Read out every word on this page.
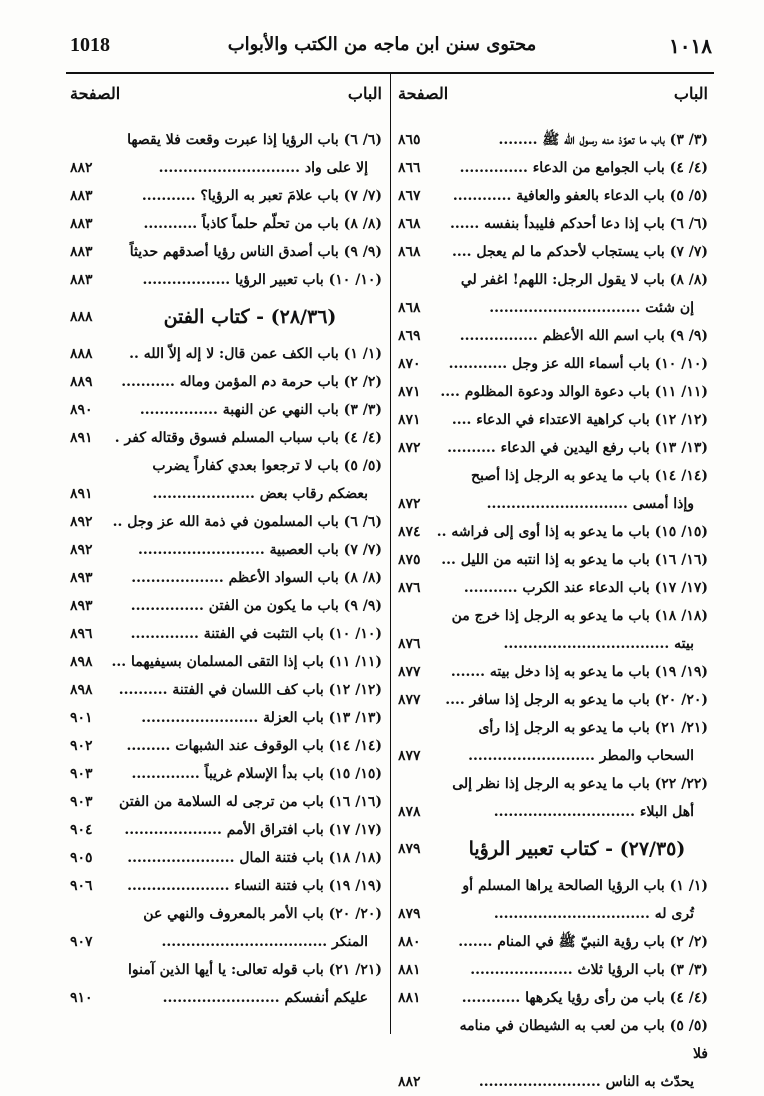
1018	محتوى سنن ابن ماجه من الكتب والأبواب	١٠١٨
الباب
الصفحة
(٣/ ٣) باب ما تعوّذ منه رسول الله ﷺ ........
٨٦٥
(٤/ ٤) باب الجوامع من الدعاء ..............
٨٦٦
(٥/ ٥) باب الدعاء بالعفو والعافية ............
٨٦٧
(٦/ ٦) باب إذا دعا أحدكم فليبدأ بنفسه ......
٨٦٨
(٧/ ٧) باب يستجاب لأحدكم ما لم يعجل ....
٨٦٨
(٨/ ٨) باب لا يقول الرجل: اللهم! اغفر لي
إن شئت ...............................
٨٦٨
(٩/ ٩) باب اسم الله الأعظم ................
٨٦٩
(١٠/ ١٠) باب أسماء الله عز وجل ............
٨٧٠
(١١/ ١١) باب دعوة الوالد ودعوة المظلوم ....
٨٧١
(١٢/ ١٢) باب كراهية الاعتداء في الدعاء ....
٨٧١
(١٣/ ١٣) باب رفع اليدين في الدعاء ..........
٨٧٢
(١٤/ ١٤) باب ما يدعو به الرجل إذا أصبح
وإذا أمسى .............................
٨٧٢
(١٥/ ١٥) باب ما يدعو به إذا أوى إلى فراشه ..
٨٧٤
(١٦/ ١٦) باب ما يدعو به إذا انتبه من الليل ...
٨٧٥
(١٧/ ١٧) باب الدعاء عند الكرب ...........
٨٧٦
(١٨/ ١٨) باب ما يدعو به الرجل إذا خرج من
بيته ..................................
٨٧٦
(١٩/ ١٩) باب ما يدعو به إذا دخل بيته .......
٨٧٧
(٢٠/ ٢٠) باب ما يدعو به الرجل إذا سافر ....
٨٧٧
(٢١/ ٢١) باب ما يدعو به الرجل إذا رأى
السحاب والمطر ..........................
٨٧٧
(٢٢/ ٢٢) باب ما يدعو به الرجل إذا نظر إلى
أهل البلاء .............................
٨٧٨
(٢٧/٣٥) - كتاب تعبير الرؤيا
٨٧٩
(١/ ١) باب الرؤيا الصالحة يراها المسلم أو
تُرى له ................................
٨٧٩
(٢/ ٢) باب رؤية النبيّ ﷺ في المنام .......
٨٨٠
(٣/ ٣) باب الرؤيا ثلاث .....................
٨٨١
(٤/ ٤) باب من رأى رؤيا يكرهها ............
٨٨١
(٥/ ٥) باب من لعب به الشيطان في منامه فلا
يحدّث به الناس .........................
٨٨٢
الباب
الصفحة
(٦/ ٦) باب الرؤيا إذا عبرت وقعت فلا يقصها
إلا على واد .............................
٨٨٢
(٧/ ٧) باب علامَ تعبر به الرؤيا؟ ...........
٨٨٣
(٨/ ٨) باب من تحلّم حلماً كاذباً ...........
٨٨٣
(٩/ ٩) باب أصدق الناس رؤيا أصدقهم حديثاً
٨٨٣
(١٠/ ١٠) باب تعبير الرؤيا ..................
٨٨٣
(٢٨/٣٦) - كتاب الفتن
٨٨٨
(١/ ١) باب الكف عمن قال: لا إله إلاّ الله ..
٨٨٨
(٢/ ٢) باب حرمة دم المؤمن وماله ...........
٨٨٩
(٣/ ٣) باب النهي عن النهبة ................
٨٩٠
(٤/ ٤) باب سباب المسلم فسوق وقتاله كفر .
٨٩١
(٥/ ٥) باب لا ترجعوا بعدي كفاراً يضرب
بعضكم رقاب بعض .....................
٨٩١
(٦/ ٦) باب المسلمون في ذمة الله عز وجل ..
٨٩٢
(٧/ ٧) باب العصبية ..........................
٨٩٢
(٨/ ٨) باب السواد الأعظم ...................
٨٩٣
(٩/ ٩) باب ما يكون من الفتن ...............
٨٩٣
(١٠/ ١٠) باب التثبت في الفتنة ..............
٨٩٦
(١١/ ١١) باب إذا التقى المسلمان بسيفيهما ...
٨٩٨
(١٢/ ١٢) باب كف اللسان في الفتنة ..........
٨٩٨
(١٣/ ١٣) باب العزلة ........................
٩٠١
(١٤/ ١٤) باب الوقوف عند الشبهات .........
٩٠٢
(١٥/ ١٥) باب بدأ الإسلام غريباً ..............
٩٠٣
(١٦/ ١٦) باب من ترجى له السلامة من الفتن
٩٠٣
(١٧/ ١٧) باب افتراق الأمم ....................
٩٠٤
(١٨/ ١٨) باب فتنة المال ......................
٩٠٥
(١٩/ ١٩) باب فتنة النساء .....................
٩٠٦
(٢٠/ ٢٠) باب الأمر بالمعروف والنهي عن
المنكر ..................................
٩٠٧
(٢١/ ٢١) باب قوله تعالى: يا أيها الذين آمنوا
عليكم أنفسكم ........................
٩١٠
